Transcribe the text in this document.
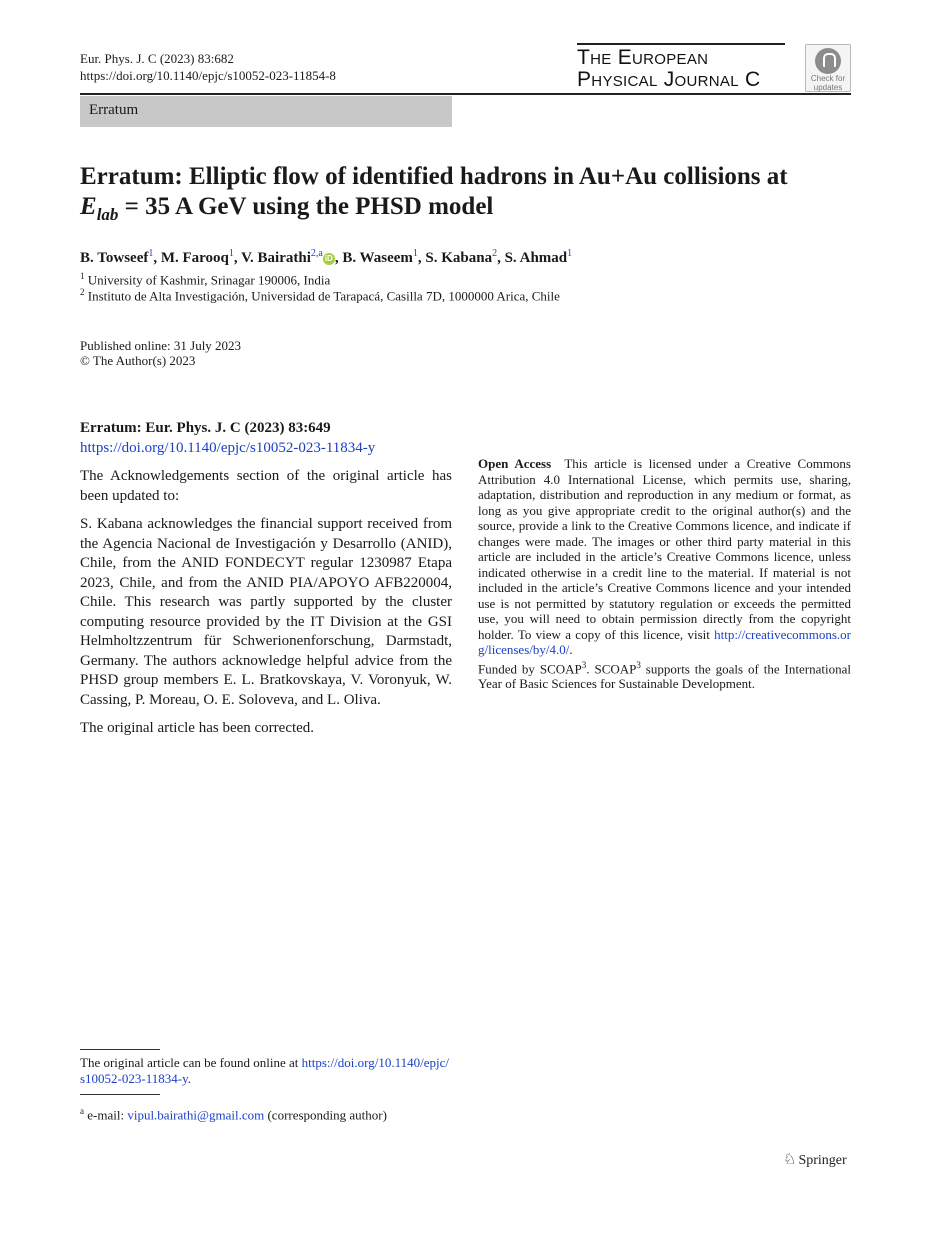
Eur. Phys. J. C (2023) 83:682
https://doi.org/10.1140/epjc/s10052-023-11854-8
The European
Physical Journal C	Check for
updates
Erratum
Erratum: Elliptic flow of identified hadrons in Au+Au collisions at
$E_{lab} = 35$ A GeV using the PHSD model
B. Towseef$^1$, M. Farooq$^1$, V. Bairathi$^{2,a}$ iD , B. Waseem$^1$, S. Kabana$^2$, S. Ahmad$^1$
$^1$ University of Kashmir, Srinagar 190006, India
$^2$ Instituto de Alta Investigación, Universidad de Tarapacá, Casilla 7D, 1000000 Arica, Chile
Published online: 31 July 2023
© The Author(s) 2023
Erratum: Eur. Phys. J. C (2023) 83:649
https://doi.org/10.1140/epjc/s10052-023-11834-y

The Acknowledgements section of the original article has been updated to:

S. Kabana acknowledges the financial support received from the Agencia Nacional de Investigación y Desarrollo (ANID), Chile, from the ANID FONDECYT regular 1230987 Etapa 2023, Chile, and from the ANID PIA/APOYO AFB220004, Chile. This research was partly supported by the cluster computing resource provided by the IT Division at the GSI Helmholtzzentrum für Schwerionenforschung, Darmstadt, Germany. The authors acknowledge helpful advice from the PHSD group members E. L. Bratkovskaya, V. Voronyuk, W. Cassing, P. Moreau, O. E. Soloveva, and L. Oliva.

The original article has been corrected.

Open Access This article is licensed under a Creative Commons Attribution 4.0 International License, which permits use, sharing, adaptation, distribution and reproduction in any medium or format, as long as you give appropriate credit to the original author(s) and the source, provide a link to the Creative Commons licence, and indicate if changes were made. The images or other third party material in this article are included in the article’s Creative Commons licence, unless indicated otherwise in a credit line to the material. If material is not included in the article’s Creative Commons licence and your intended use is not permitted by statutory regulation or exceeds the permitted use, you will need to obtain permission directly from the copyright holder. To view a copy of this licence, visit http://creativecommons.org/licenses/by/4.0/.

Funded by SCOAP$^3$. SCOAP$^3$ supports the goals of the International Year of Basic Sciences for Sustainable Development.

The original article can be found online at https://doi.org/10.1140/epjc/s10052-023-11834-y.
$^a$ e-mail: vipul.bairathi@gmail.com (corresponding author)
♘ Springer
